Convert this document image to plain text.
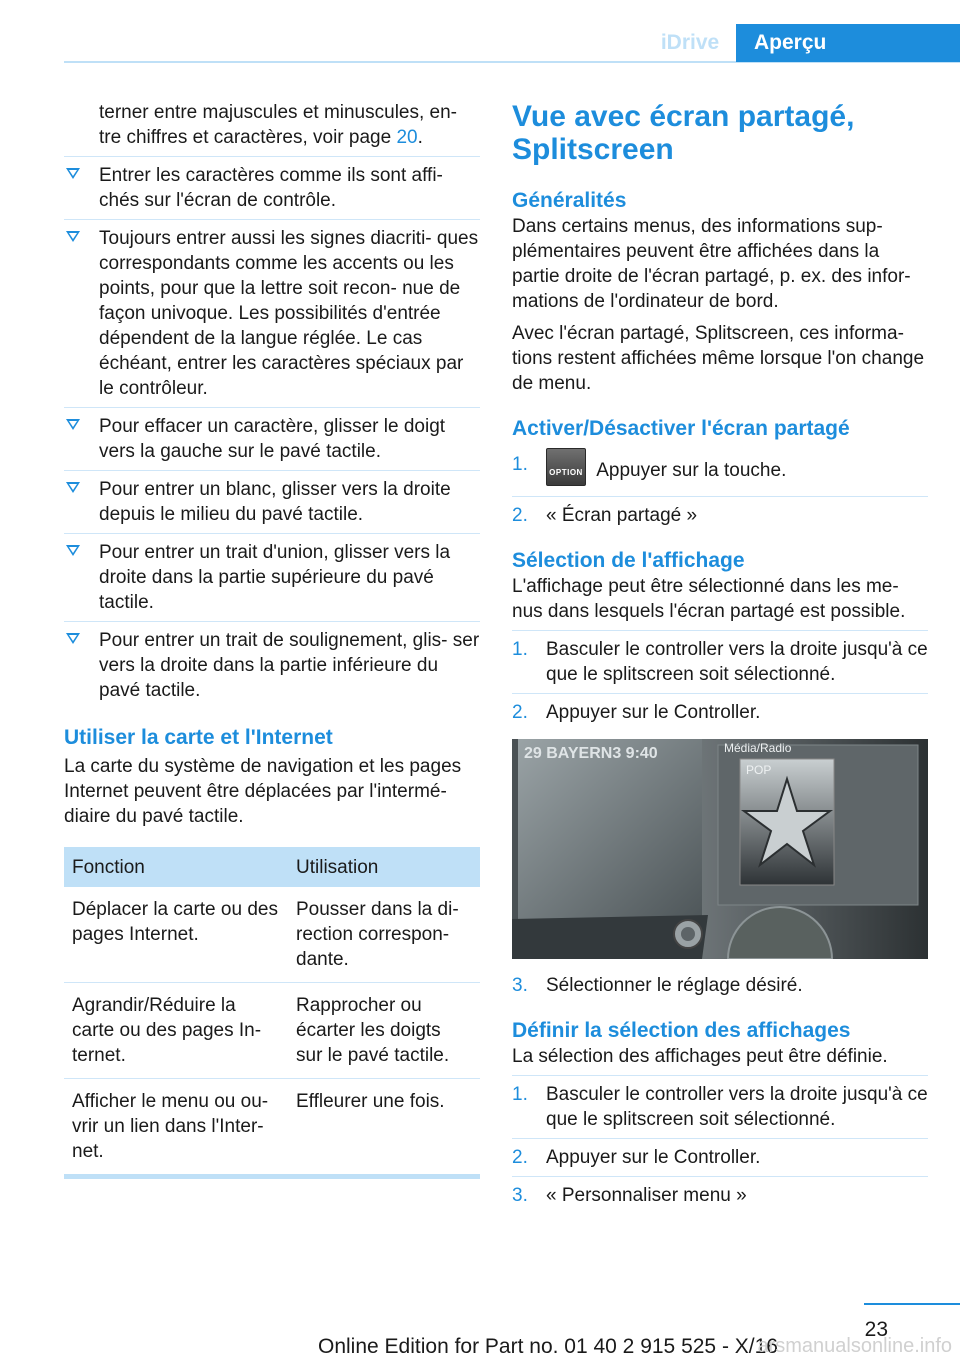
iDrive	Aperçu

terner entre majuscules et minuscules, en-

tre chiffres et caractères, voir page 20.

Entrer les caractères comme ils sont affi- chés sur l'écran de contrôle.
Toujours entrer aussi les signes diacriti- ques correspondants comme les accents ou les points, pour que la lettre soit recon- nue de façon univoque. Les possibilités d'entrée dépendent de la langue réglée. Le cas échéant, entrer les caractères spéciaux par le contrôleur.
Pour effacer un caractère, glisser le doigt vers la gauche sur le pavé tactile.
Pour entrer un blanc, glisser vers la droite depuis le milieu du pavé tactile.
Pour entrer un trait d'union, glisser vers la droite dans la partie supérieure du pavé tactile.
Pour entrer un trait de soulignement, glis- ser vers la droite dans la partie inférieure du pavé tactile.
Utiliser la carte et l'Internet

La carte du système de navigation et les pages Internet peuvent être déplacées par l'intermé- diaire du pavé tactile.

Fonction	Utilisation
Déplacer la carte ou des pages Internet.	Pousser dans la di- rection correspon- dante.
Agrandir/Réduire la carte ou des pages In- ternet.	Rapprocher ou écarter les doigts sur le pavé tactile.
Afficher le menu ou ou- vrir un lien dans l'Inter- net.	Effleurer une fois.
Vue avec écran partagé, Splitscreen
Généralités

Dans certains menus, des informations sup- plémentaires peuvent être affichées dans la partie droite de l'écran partagé, p. ex. des infor- mations de l'ordinateur de bord.

Avec l'écran partagé, Splitscreen, ces informa- tions restent affichées même lorsque l'on change de menu.

Activer/Désactiver l'écran partagé
1.	OPTION Appuyer sur la touche.
2. « Écran partagé »
Sélection de l'affichage

L'affichage peut être sélectionné dans les me- nus dans lesquels l'écran partagé est possible.

1. Basculer le controller vers la droite jusqu'à ce que le splitscreen soit sélectionné.
2. Appuyer sur le Controller.
29 BAYERN3 9:40	Média/Radio
POP
3. Sélectionner le réglage désiré.
Définir la sélection des affichages

La sélection des affichages peut être définie.

1. Basculer le controller vers la droite jusqu'à ce que le splitscreen soit sélectionné.
2. Appuyer sur le Controller.
3. « Personnaliser menu »
23
Online Edition for Part no. 01 40 2 915 525 - X/16
arsmanualsonline.info
